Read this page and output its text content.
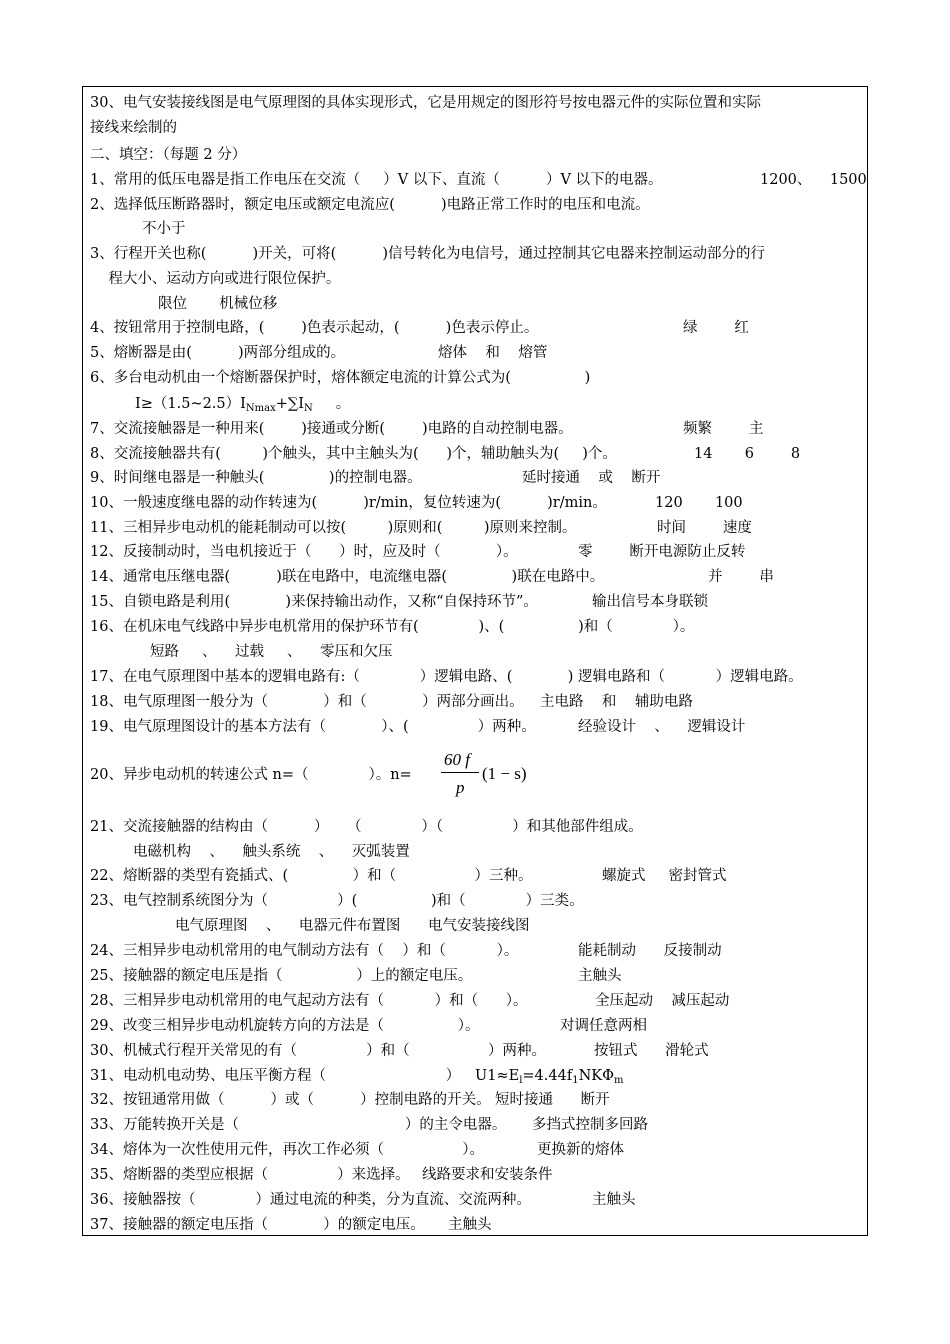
30、电气安装接线图是电气原理图的具体实现形式，它是用规定的图形符号按电器元件的实际位置和实际
接线来绘制的
二、填空：（每题 2 分）
1、常用的低压电器是指工作电压在交流（     ）V 以下、直流（          ）V 以下的电器。
2、选择低压断路器时，额定电压或额定电流应(          )电路正常工作时的电压和电流。
3、行程开关也称(          )开关，可将(          )信号转化为电信号，通过控制其它电器来控制运动部分的行
程大小、运动方向或进行限位保护。
4、按钮常用于控制电路，(        )色表示起动，(          )色表示停止。
5、熔断器是由(          )两部分组成的。
6、多台电动机由一个熔断器保护时，熔体额定电流的计算公式为(                )
7、交流接触器是一种用来(        )接通或分断(        )电路的自动控制电器。
8、交流接触器共有(         )个触头，其中主触头为(      )个，辅助触头为(     )个。
9、时间继电器是一种触头(              )的控制电器。
10、一般速度继电器的动作转速为(          )r/min，复位转速为(          )r/min。
11、三相异步电动机的能耗制动可以按(         )原则和(         )原则来控制。
12、反接制动时，当电机接近于（      ）时，应及时（            ）。
14、通常电压继电器(          )联在电路中，电流继电器(              )联在电路中。
15、自锁电路是利用(            )来保持输出动作，又称“自保持环节”。
16、在机床电气线路中异步电机常用的保护环节有(             )、(                )和（             ）。
17、在电气原理图中基本的逻辑电路有:（             ）逻辑电路、(            ) 逻辑电路和（           ）逻辑电路。
18、电气原理图一般分为（            ）和（            ）两部分画出。
19、电气原理图设计的基本方法有（            ）、(               ）两种。
20、异步电动机的转速公式 n=（             ）。n=
21、交流接触器的结构由（          ）    （             ）（               ）和其他部件组成。
22、熔断器的类型有瓷插式、(              ）和（                 ）三种。
23、电气控制系统图分为（               ）(                )和（             ）三类。
24、三相异步电动机常用的电气制动方法有（    ）和（           ）。
25、接触器的额定电压是指（                ）上的额定电压。
28、三相异步电动机常用的电气起动方法有（           ）和（      ）。
29、改变三相异步电动机旋转方向的方法是（                ）。
30、机械式行程开关常见的有（               ）和（                 ）两种。
31、电动机电动势、电压平衡方程（                          ）
32、按钮通常用做（          ）或（          ）控制电路的开关。
33、万能转换开关是（                                    ）的主令电器。
34、熔体为一次性使用元件，再次工作必须（                 ）。
35、熔断器的类型应根据（               ）来选择。
36、接触器按（             ）通过电流的种类，分为直流、交流两种。
37、接触器的额定电压指（            ）的额定电压。
1200、    1500
不小于
限位       机械位移
绿        红
熔体    和    熔管
$I\ge(1.5\sim 2.5)I_{Nmax}+\sum I_N$     。
频繁        主
14       6        8
延时接通    或    断开
120       100
时间        速度
零        断开电源防止反转
并        串
输出信号本身联锁
短路     、    过载     、    零压和欠压
主电路    和    辅助电路
经验设计    、    逻辑设计
60 f
p
(1 − s)
电磁机构    、    触头系统    、    灭弧装置
螺旋式     密封管式
电气原理图    、    电器元件布置图      电气安装接线图
能耗制动      反接制动
主触头
全压起动    减压起动
对调任意两相
按钮式      滑轮式
$U1\approx E_l=4.44f_1NK\Phi_m$
短时接通      断开
多挡式控制多回路
更换新的熔体
线路要求和安装条件
主触头
主触头
